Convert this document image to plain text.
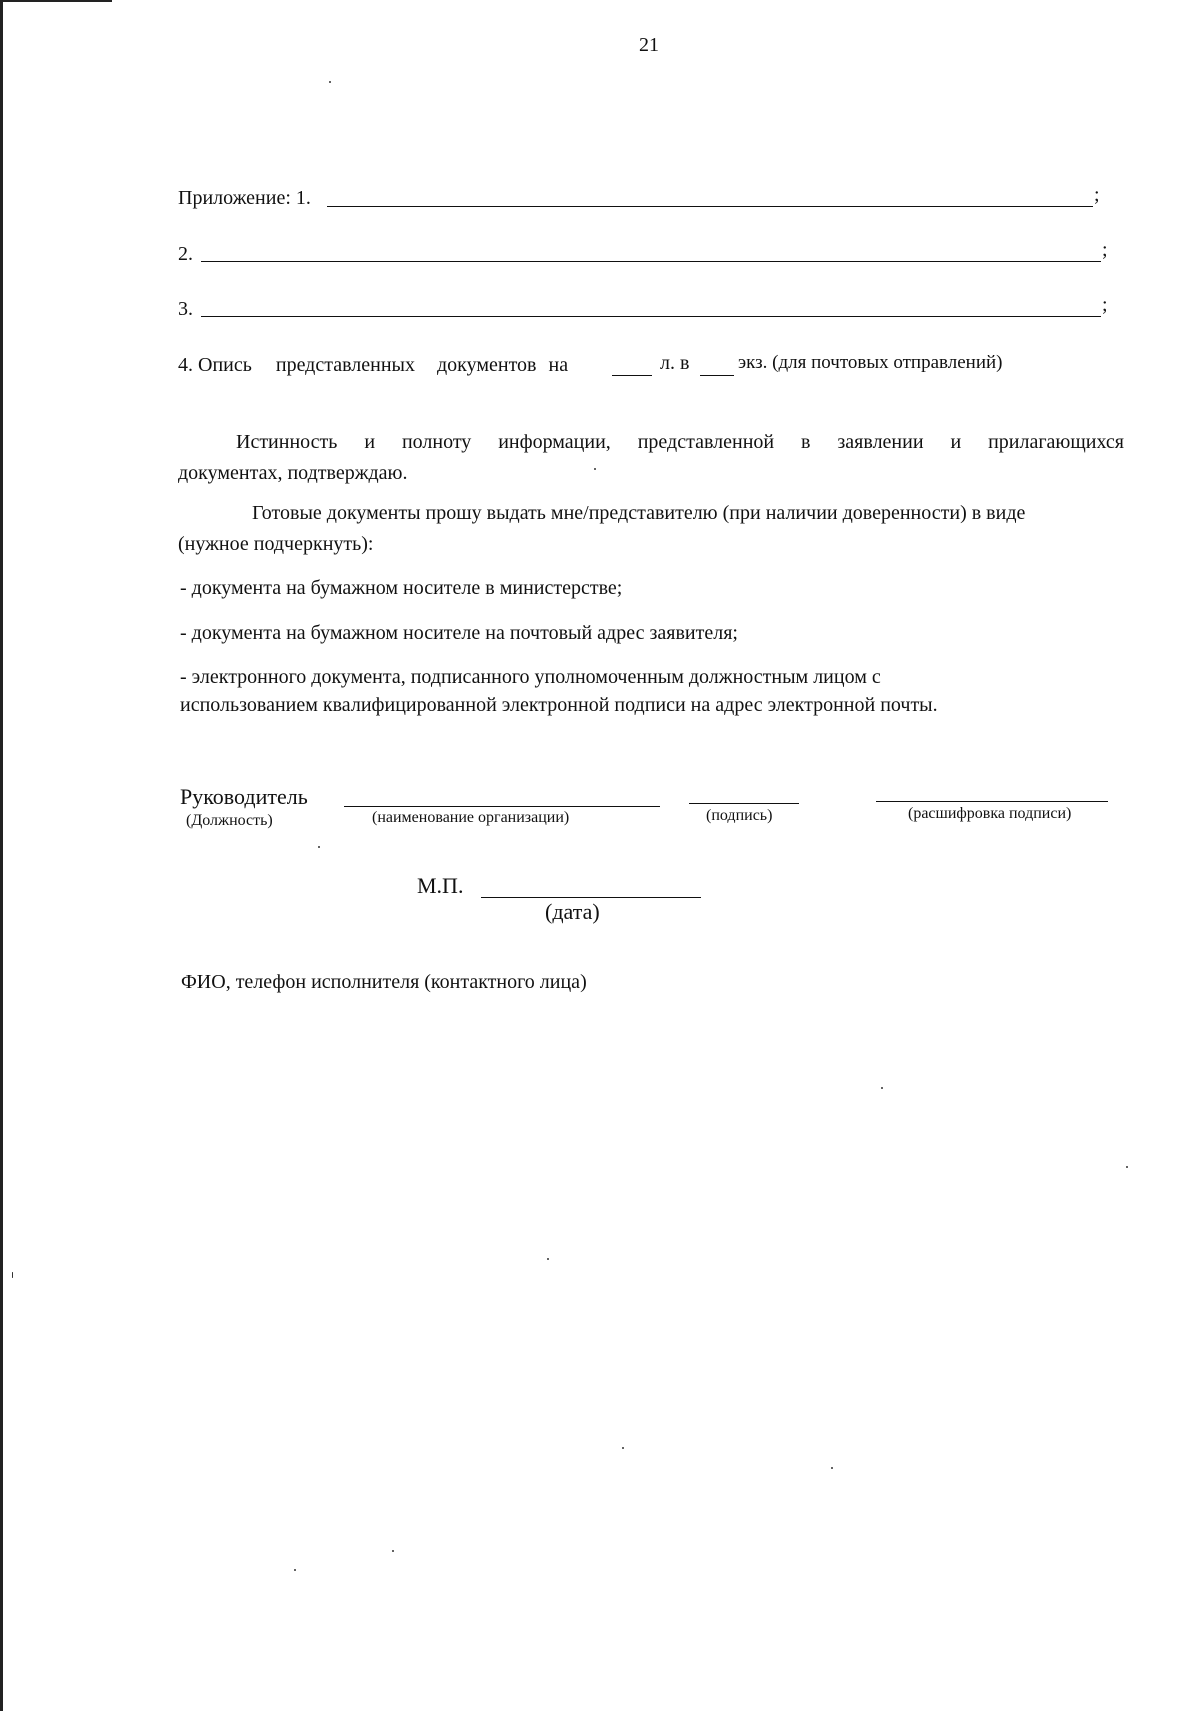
21
Приложение: 1.	;
2.	;
3.	;
4. Опись представленных документов на	л. в	экз. (для почтовых отправлений)
Истинность и полноту информации, представленной в заявлении и прилагающихся
документах, подтверждаю.
Готовые документы прошу выдать мне/представителю (при наличии доверенности) в виде
(нужное подчеркнуть):
- документа на бумажном носителе в министерстве;
- документа на бумажном носителе на почтовый адрес заявителя;
- электронного документа, подписанного уполномоченным должностным лицом с
использованием квалифицированной электронной подписи на адрес электронной почты.
Руководитель
(Должность)	(наименование организации)	(подпись)	(расшифровка подписи)
М.П.
(дата)
ФИО, телефон исполнителя (контактного лица)
